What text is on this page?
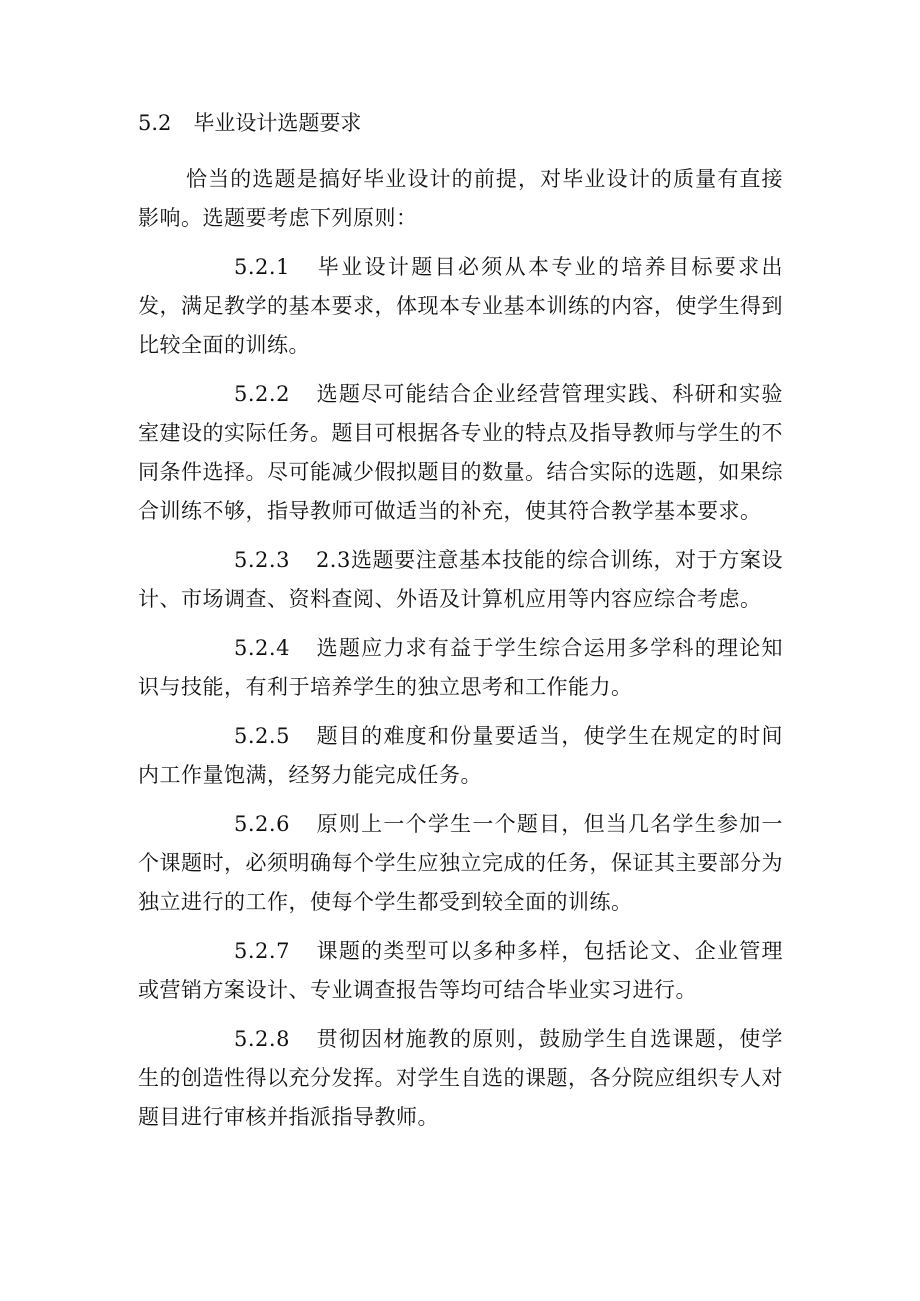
5.2 毕业设计选题要求

恰当的选题是搞好毕业设计的前提，对毕业设计的质量有直接影响。选题要考虑下列原则：

5.2.1 毕业设计题目必须从本专业的培养目标要求出发，满足教学的基本要求，体现本专业基本训练的内容，使学生得到比较全面的训练。

5.2.2 选题尽可能结合企业经营管理实践、科研和实验室建设的实际任务。题目可根据各专业的特点及指导教师与学生的不同条件选择。尽可能减少假拟题目的数量。结合实际的选题，如果综合训练不够，指导教师可做适当的补充，使其符合教学基本要求。

5.2.3 2.3选题要注意基本技能的综合训练，对于方案设计、市场调查、资料查阅、外语及计算机应用等内容应综合考虑。

5.2.4 选题应力求有益于学生综合运用多学科的理论知识与技能，有利于培养学生的独立思考和工作能力。

5.2.5 题目的难度和份量要适当，使学生在规定的时间内工作量饱满，经努力能完成任务。

5.2.6 原则上一个学生一个题目，但当几名学生参加一个课题时，必须明确每个学生应独立完成的任务，保证其主要部分为独立进行的工作，使每个学生都受到较全面的训练。

5.2.7 课题的类型可以多种多样，包括论文、企业管理或营销方案设计、专业调查报告等均可结合毕业实习进行。

5.2.8 贯彻因材施教的原则，鼓励学生自选课题，使学生的创造性得以充分发挥。对学生自选的课题，各分院应组织专人对题目进行审核并指派指导教师。
